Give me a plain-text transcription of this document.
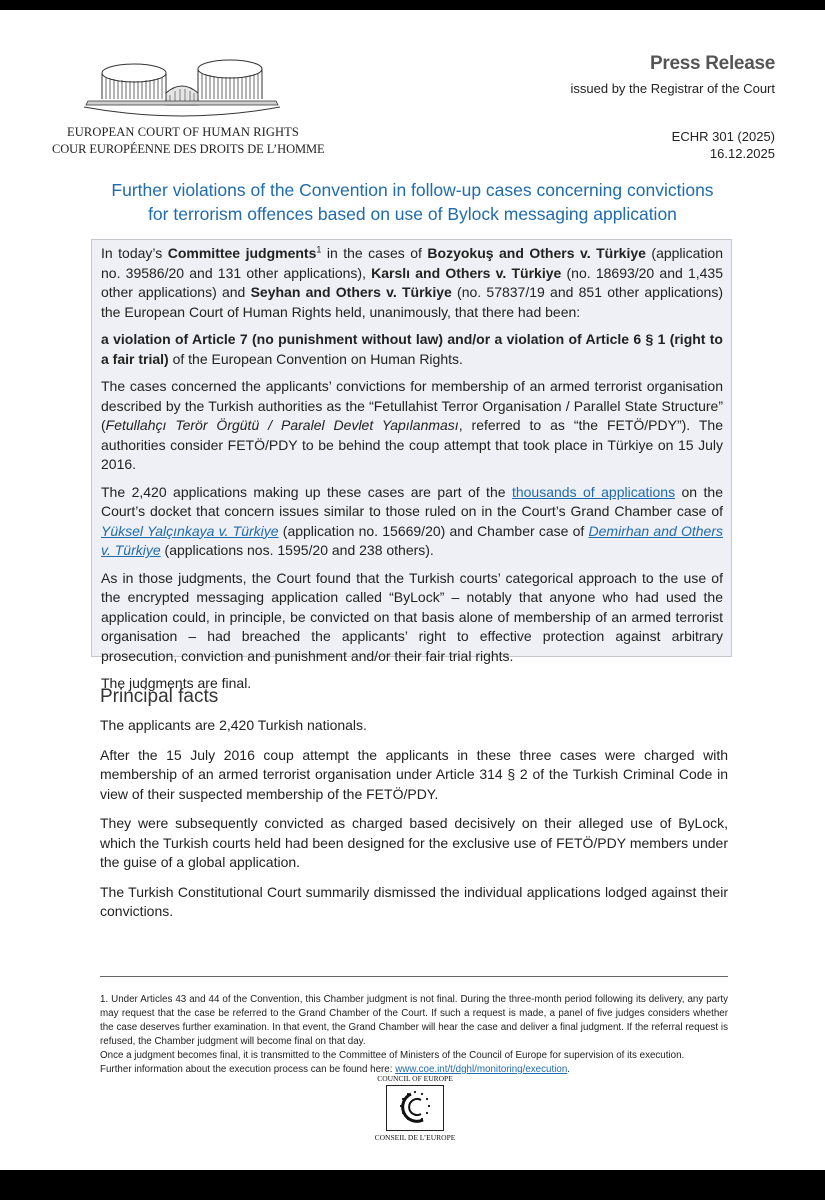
EUROPEAN COURT OF HUMAN RIGHTS
COUR EUROPÉENNE DES DROITS DE L’HOMME
Press Release
issued by the Registrar of the Court
ECHR 301 (2025)
16.12.2025
Further violations of the Convention in follow-up cases concerning convictions
for terrorism offences based on use of Bylock messaging application

In today’s Committee judgments$^1$ in the cases of Bozyokuş and Others v. Türkiye (application no. 39586/20 and 131 other applications), Karslı and Others v. Türkiye (no. 18693/20 and 1,435 other applications) and Seyhan and Others v. Türkiye (no. 57837/19 and 851 other applications) the European Court of Human Rights held, unanimously, that there had been:

a violation of Article 7 (no punishment without law) and/or a violation of Article 6 § 1 (right to a fair trial) of the European Convention on Human Rights.

The cases concerned the applicants’ convictions for membership of an armed terrorist organisation described by the Turkish authorities as the “Fetullahist Terror Organisation / Parallel State Structure” (Fetullahçı Terör Örgütü / Paralel Devlet Yapılanması, referred to as “the FETÖ/PDY”). The authorities consider FETÖ/PDY to be behind the coup attempt that took place in Türkiye on 15 July 2016.

The 2,420 applications making up these cases are part of the thousands of applications on the Court’s docket that concern issues similar to those ruled on in the Court’s Grand Chamber case of Yüksel Yalçınkaya v. Türkiye (application no. 15669/20) and Chamber case of Demirhan and Others v. Türkiye (applications nos. 1595/20 and 238 others).

As in those judgments, the Court found that the Turkish courts’ categorical approach to the use of the encrypted messaging application called “ByLock” – notably that anyone who had used the application could, in principle, be convicted on that basis alone of membership of an armed terrorist organisation – had breached the applicants’ right to effective protection against arbitrary prosecution, conviction and punishment and/or their fair trial rights.

The judgments are final.

Principal facts

The applicants are 2,420 Turkish nationals.

After the 15 July 2016 coup attempt the applicants in these three cases were charged with membership of an armed terrorist organisation under Article 314 § 2 of the Turkish Criminal Code in view of their suspected membership of the FETÖ/PDY.

They were subsequently convicted as charged based decisively on their alleged use of ByLock, which the Turkish courts held had been designed for the exclusive use of FETÖ/PDY members under the guise of a global application.

The Turkish Constitutional Court summarily dismissed the individual applications lodged against their convictions.

1. Under Articles 43 and 44 of the Convention, this Chamber judgment is not final. During the three-month period following its delivery, any party may request that the case be referred to the Grand Chamber of the Court. If such a request is made, a panel of five judges considers whether the case deserves further examination. In that event, the Grand Chamber will hear the case and deliver a final judgment. If the referral request is refused, the Chamber judgment will become final on that day.

Once a judgment becomes final, it is transmitted to the Committee of Ministers of the Council of Europe for supervision of its execution.

Further information about the execution process can be found here: www.coe.int/t/dghl/monitoring/execution.

COUNCIL OF EUROPE
CONSEIL DE L’EUROPE
